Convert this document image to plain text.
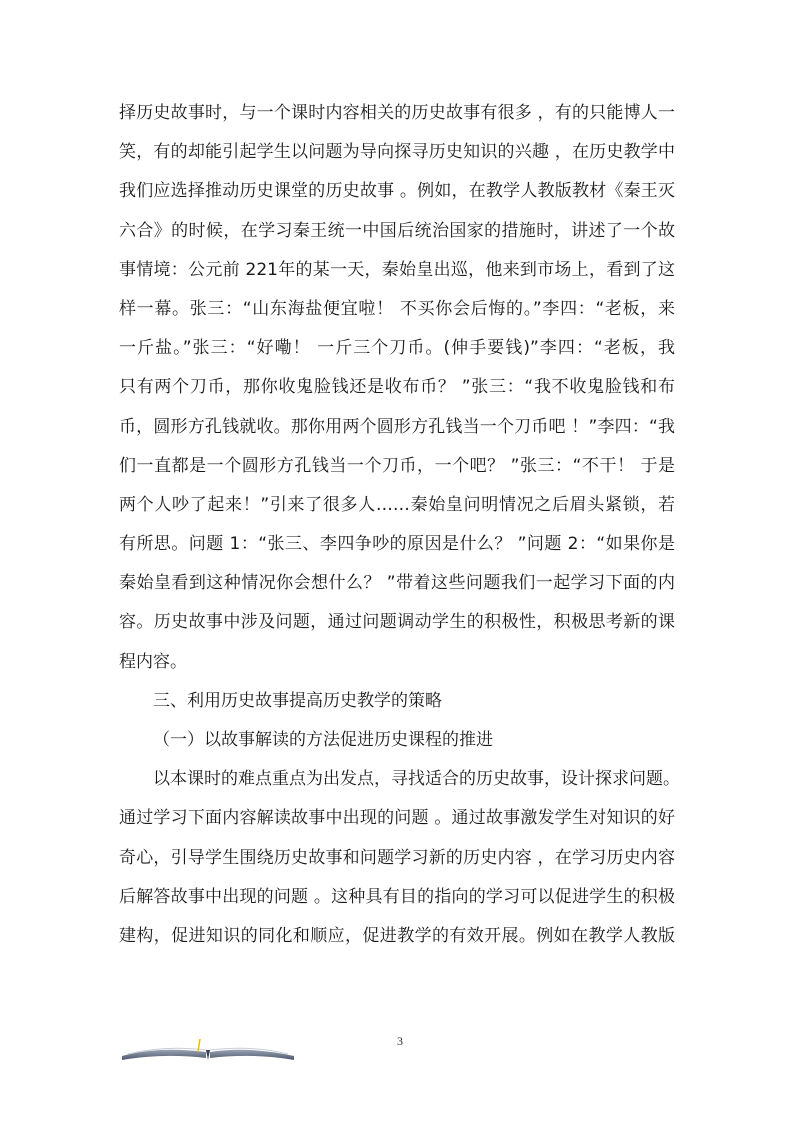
择历史故事时，与一个课时内容相关的历史故事有很多 ，有的只能博人一
笑，有的却能引起学生以问题为导向探寻历史知识的兴趣 ，在历史教学中
我们应选择推动历史课堂的历史故事 。例如，在教学人教版教材《秦王灭
六合》的时候，在学习秦王统一中国后统治国家的措施时，讲述了一个故
事情境：公元前 221年的某一天，秦始皇出巡，他来到市场上，看到了这
样一幕。张三：“山东海盐便宜啦！ 不买你会后悔的。”李四：“老板，来
一斤盐。”张三：“好嘞！ 一斤三个刀币。(伸手要钱)”李四：“老板，我
只有两个刀币，那你收鬼脸钱还是收布币？ ”张三：“我不收鬼脸钱和布
币，圆形方孔钱就收。那你用两个圆形方孔钱当一个刀币吧 ！”李四：“我
们一直都是一个圆形方孔钱当一个刀币，一个吧？ ”张三：“不干！ 于是
两个人吵了起来！”引来了很多人……秦始皇问明情况之后眉头紧锁，若
有所思。问题 1：“张三、李四争吵的原因是什么？ ”问题 2：“如果你是
秦始皇看到这种情况你会想什么？ ”带着这些问题我们一起学习下面的内
容。历史故事中涉及问题，通过问题调动学生的积极性，积极思考新的课
程内容。
三、利用历史故事提高历史教学的策略
（一）以故事解读的方法促进历史课程的推进
以本课时的难点重点为出发点，寻找适合的历史故事，设计探求问题。
通过学习下面内容解读故事中出现的问题 。通过故事激发学生对知识的好
奇心，引导学生围绕历史故事和问题学习新的历史内容 ，在学习历史内容
后解答故事中出现的问题 。这种具有目的指向的学习可以促进学生的积极
建构，促进知识的同化和顺应，促进教学的有效开展。例如在教学人教版
3
